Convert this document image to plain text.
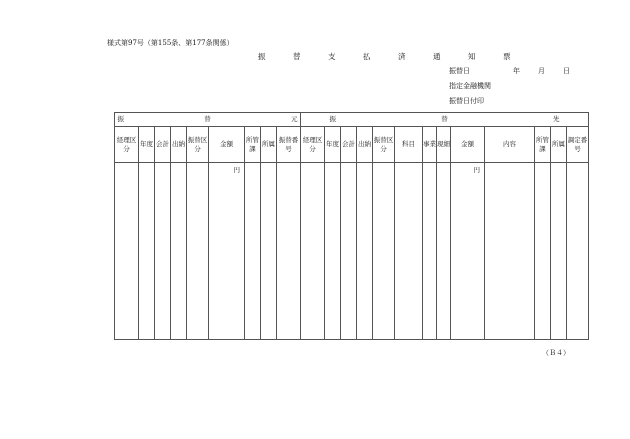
様式第97号（第155条、第177条関係）
振　替　支　払　済　通　知　票
振替日	年	月	日
指定金融機関
振替日付印
振 替 元									振 替 先												

経理区分	年度	会計	出納	振替区分	金額	所管課	所属	振替番号	経理区分	年度	会計	出納	振替区分	科目	事業	現細	金額	内容	所管課	所属	調定番号
					円												円				
（Ｂ４）
